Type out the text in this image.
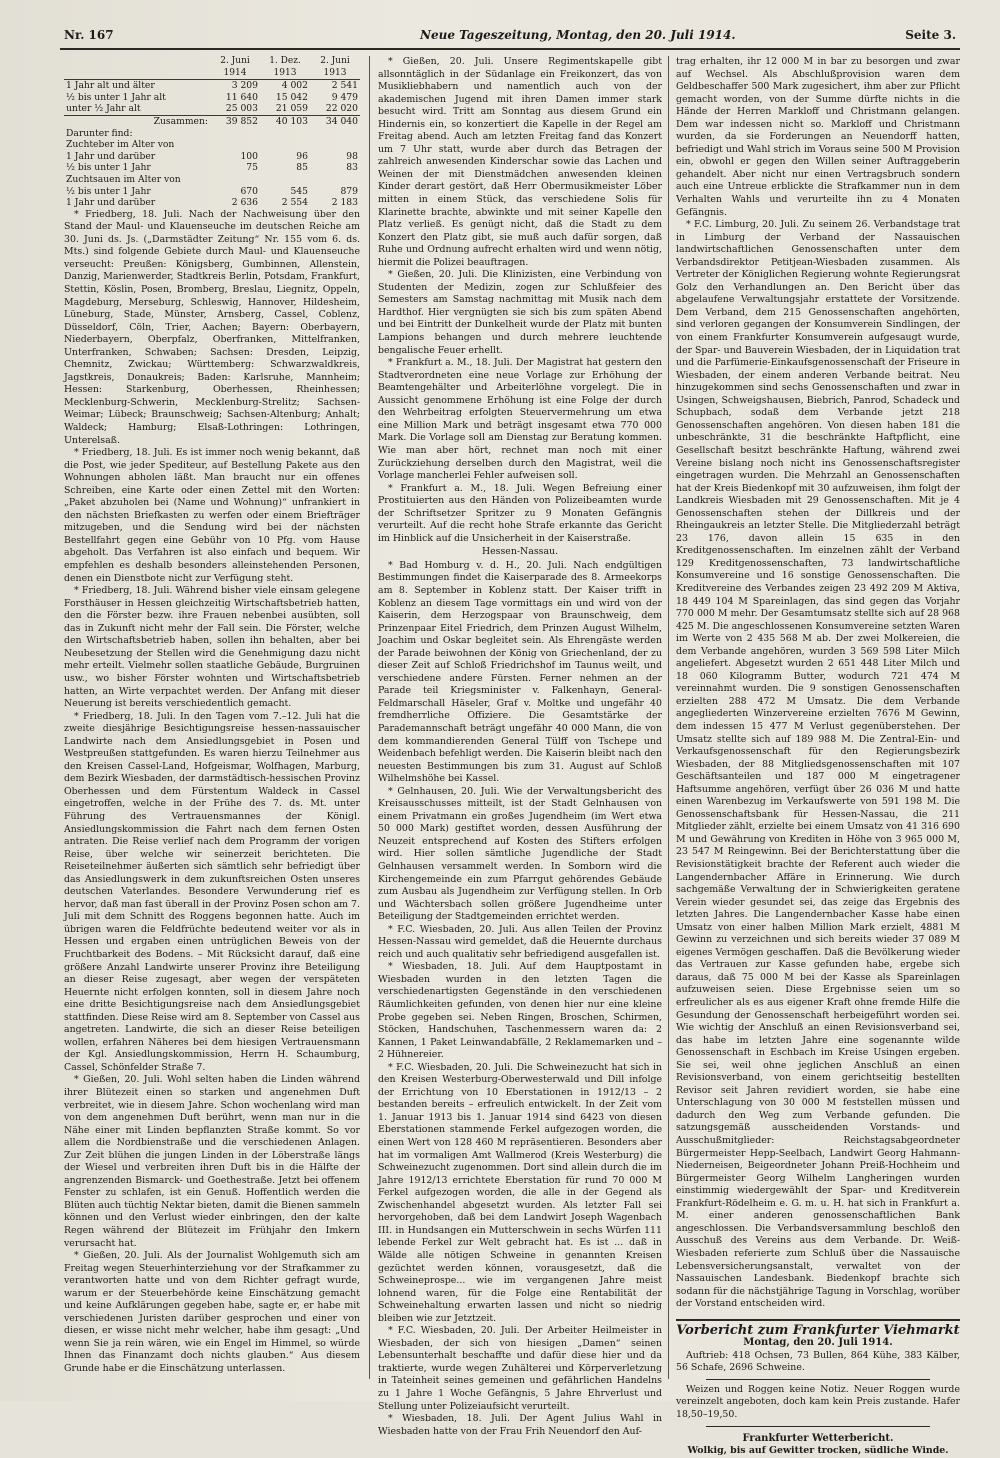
Nr. 167	Neue Tageszeitung, Montag, den 20. Juli 1914.	Seite 3.
	2. Juni 1914	1. Dez. 1913	2. Juni 1913
1 Jahr alt und älter	3 209	4 002	2 541
½ bis unter 1 Jahr alt	11 640	15 042	9 479
unter ½ Jahr alt	25 003	21 059	22 020
Zusammen:	39 852	40 103	34 040
Darunter find:			
Zuchteber im Alter von			
1 Jahr und darüber	100	96	98
½ bis unter 1 Jahr	75	85	83
Zuchtsauen im Alter von			
½ bis unter 1 Jahr	670	545	879
1 Jahr und darüber	2 636	2 554	2 183

* Friedberg, 18. Juli. Nach der Nachweisung über den Stand der Maul- und Klauenseuche im deutschen Reiche am 30. Juni ds. Js. („Darmstädter Zeitung“ Nr. 155 vom 6. ds. Mts.) sind folgende Gebiete durch Maul- und Klauenseuche verseucht: Preußen: Königsberg, Gumbinnen, Allenstein, Danzig, Marienwerder, Stadtkreis Berlin, Potsdam, Frankfurt, Stettin, Köslin, Posen, Bromberg, Breslau, Liegnitz, Oppeln, Magdeburg, Merseburg, Schleswig, Hannover, Hildesheim, Lüneburg, Stade, Münster, Arnsberg, Cassel, Coblenz, Düsseldorf, Cöln, Trier, Aachen; Bayern: Oberbayern, Niederbayern, Oberpfalz, Oberfranken, Mittelfranken, Unterfranken, Schwaben; Sachsen: Dresden, Leipzig, Chemnitz, Zwickau; Württemberg: Schwarzwaldkreis, Jagstkreis, Donaukreis; Baden: Karlsruhe, Mannheim; Hessen: Starkenburg, Oberhessen, Rheinhessen; Mecklenburg-Schwerin, Mecklenburg-Strelitz; Sachsen-Weimar; Lübeck; Braunschweig; Sachsen-Altenburg; Anhalt; Waldeck; Hamburg; Elsaß-Lothringen: Lothringen, Unterelsaß.

* Friedberg, 18. Juli. Es ist immer noch wenig bekannt, daß die Post, wie jeder Spediteur, auf Bestellung Pakete aus den Wohnungen abholen läßt. Man braucht nur ein offenes Schreiben, eine Karte oder einen Zettel mit den Worten: „Paket abzuholen bei (Name und Wohnung)“ unfrankiert in den nächsten Briefkasten zu werfen oder einem Briefträger mitzugeben, und die Sendung wird bei der nächsten Bestellfahrt gegen eine Gebühr von 10 Pfg. vom Hause abgeholt. Das Verfahren ist also einfach und bequem. Wir empfehlen es deshalb besonders alleinstehenden Personen, denen ein Dienstbote nicht zur Verfügung steht.

* Friedberg, 18. Juli. Während bisher viele einsam gelegene Forsthäuser in Hessen gleichzeitig Wirtschaftsbetrieb hatten, den die Förster bezw. ihre Frauen nebenbei ausübten, soll das in Zukunft nicht mehr der Fall sein. Die Förster, welche den Wirtschaftsbetrieb haben, sollen ihn behalten, aber bei Neubesetzung der Stellen wird die Genehmigung dazu nicht mehr erteilt. Vielmehr sollen staatliche Gebäude, Burgruinen usw., wo bisher Förster wohnten und Wirtschaftsbetrieb hatten, an Wirte verpachtet werden. Der Anfang mit dieser Neuerung ist bereits verschiedentlich gemacht.

* Friedberg, 18. Juli. In den Tagen vom 7.–12. Juli hat die zweite diesjährige Besichtigungsreise hessen-nassauischer Landwirte nach dem Ansiedlungsgebiet in Posen und Westpreußen stattgefunden. Es waren hierzu Teilnehmer aus den Kreisen Cassel-Land, Hofgeismar, Wolfhagen, Marburg, dem Bezirk Wiesbaden, der darmstädtisch-hessischen Provinz Oberhessen und dem Fürstentum Waldeck in Cassel eingetroffen, welche in der Frühe des 7. ds. Mt. unter Führung des Vertrauensmannes der Königl. Ansiedlungskommission die Fahrt nach dem fernen Osten antraten. Die Reise verlief nach dem Programm der vorigen Reise, über welche wir seinerzeit berichteten. Die Reiseteilnehmer äußerten sich sämtlich sehr befriedigt über das Ansiedlungswerk in dem zukunftsreichen Osten unseres deutschen Vaterlandes. Besondere Verwunderung rief es hervor, daß man fast überall in der Provinz Posen schon am 7. Juli mit dem Schnitt des Roggens begonnen hatte. Auch im übrigen waren die Feldfrüchte bedeutend weiter vor als in Hessen und ergaben einen untrüglichen Beweis von der Fruchtbarkeit des Bodens. – Mit Rücksicht darauf, daß eine größere Anzahl Landwirte unserer Provinz ihre Beteiligung an dieser Reise zugesagt, aber wegen der verspäteten Heuernte nicht erfolgen konnten, soll in diesem Jahre noch eine dritte Besichtigungsreise nach dem Ansiedlungsgebiet stattfinden. Diese Reise wird am 8. September von Cassel aus angetreten. Landwirte, die sich an dieser Reise beteiligen wollen, erfahren Näheres bei dem hiesigen Vertrauensmann der Kgl. Ansiedlungskommission, Herrn H. Schaumburg, Cassel, Schönfelder Straße 7.

* Gießen, 20. Juli. Wohl selten haben die Linden während ihrer Blütezeit einen so starken und angenehmen Duft verbreitet, wie in diesem Jahre. Schon wochenlang wird man von dem angenehmen Duft berührt, wenn man nur in die Nähe einer mit Linden bepflanzten Straße kommt. So vor allem die Nordbienstraße und die verschiedenen Anlagen. Zur Zeit blühen die jungen Linden in der Löberstraße längs der Wiesel und verbreiten ihren Duft bis in die Hälfte der angrenzenden Bismarck- und Goethestraße. Jetzt bei offenem Fenster zu schlafen, ist ein Genuß. Hoffentlich werden die Blüten auch tüchtig Nektar bieten, damit die Bienen sammeln können und den Verlust wieder einbringen, den der kalte Regen während der Blütezeit im Frühjahr den Imkern verursacht hat.

* Gießen, 20. Juli. Als der Journalist Wohlgemuth sich am Freitag wegen Steuerhinterziehung vor der Strafkammer zu verantworten hatte und von dem Richter gefragt wurde, warum er der Steuerbehörde keine Einschätzung gemacht und keine Aufklärungen gegeben habe, sagte er, er habe mit verschiedenen Juristen darüber gesprochen und einer von diesen, er wisse nicht mehr welcher, habe ihm gesagt: „Und wenn Sie ja rein wären, wie ein Engel im Himmel, so würde Ihnen das Finanzamt doch nichts glauben.“ Aus diesem Grunde habe er die Einschätzung unterlassen.

* Gießen, 20. Juli. Unsere Regimentskapelle gibt allsonntäglich in der Südanlage ein Freikonzert, das von Musikliebhabern und namentlich auch von der akademischen Jugend mit ihren Damen immer stark besucht wird. Tritt am Sonntag aus diesem Grund ein Hindernis ein, so konzertiert die Kapelle in der Regel am Freitag abend. Auch am letzten Freitag fand das Konzert um 7 Uhr statt, wurde aber durch das Betragen der zahlreich anwesenden Kinderschar sowie das Lachen und Weinen der mit Dienstmädchen anwesenden kleinen Kinder derart gestört, daß Herr Obermusikmeister Löber mitten in einem Stück, das verschiedene Solis für Klarinette brachte, abwinkte und mit seiner Kapelle den Platz verließ. Es genügt nicht, daß die Stadt zu dem Konzert den Platz gibt, sie muß auch dafür sorgen, daß Ruhe und Ordnung aufrecht erhalten wird und wenn nötig, hiermit die Polizei beauftragen.

* Gießen, 20. Juli. Die Klinizisten, eine Verbindung von Studenten der Medizin, zogen zur Schlußfeier des Semesters am Samstag nachmittag mit Musik nach dem Hardthof. Hier vergnügten sie sich bis zum späten Abend und bei Eintritt der Dunkelheit wurde der Platz mit bunten Lampions behangen und durch mehrere leuchtende bengalische Feuer erhellt.

* Frankfurt a. M., 18. Juli. Der Magistrat hat gestern den Stadtverordneten eine neue Vorlage zur Erhöhung der Beamtengehälter und Arbeiterlöhne vorgelegt. Die in Aussicht genommene Erhöhung ist eine Folge der durch den Wehrbeitrag erfolgten Steuervermehrung um etwa eine Million Mark und beträgt insgesamt etwa 770 000 Mark. Die Vorlage soll am Dienstag zur Beratung kommen. Wie man aber hört, rechnet man noch mit einer Zurückziehung derselben durch den Magistrat, weil die Vorlage mancherlei Fehler aufweisen soll.

* Frankfurt a. M., 18. Juli. Wegen Befreiung einer Prostituierten aus den Händen von Polizeibeamten wurde der Schriftsetzer Spritzer zu 9 Monaten Gefängnis verurteilt. Auf die recht hohe Strafe erkannte das Gericht im Hinblick auf die Unsicherheit in der Kaiserstraße.

Hessen-Nassau.

* Bad Homburg v. d. H., 20. Juli. Nach endgültigen Bestimmungen findet die Kaiserparade des 8. Armeekorps am 8. September in Koblenz statt. Der Kaiser trifft in Koblenz an diesem Tage vormittags ein und wird von der Kaiserin, dem Herzogspaar von Braunschweig, dem Prinzenpaar Eitel Friedrich, dem Prinzen August Wilhelm, Joachim und Oskar begleitet sein. Als Ehrengäste werden der Parade beiwohnen der König von Griechenland, der zu dieser Zeit auf Schloß Friedrichshof im Taunus weilt, und verschiedene andere Fürsten. Ferner nehmen an der Parade teil Kriegsminister v. Falkenhayn, General-Feldmarschall Häseler, Graf v. Moltke und ungefähr 40 fremdherrliche Offiziere. Die Gesamtstärke der Parademannschaft beträgt ungefähr 40 000 Mann, die von dem kommandierenden General Tülff von Tschepe und Weidenbach befehligt werden. Die Kaiserin bleibt nach den neuesten Bestimmungen bis zum 31. August auf Schloß Wilhelmshöhe bei Kassel.

* Gelnhausen, 20. Juli. Wie der Verwaltungsbericht des Kreisausschusses mitteilt, ist der Stadt Gelnhausen von einem Privatmann ein großes Jugendheim (im Wert etwa 50 000 Mark) gestiftet worden, dessen Ausführung der Neuzeit entsprechend auf Kosten des Stifters erfolgen wird. Hier sollen sämtliche Jugendliche der Stadt Gelnhausen versammelt werden. In Somborn wird die Kirchengemeinde ein zum Pfarrgut gehörendes Gebäude zum Ausbau als Jugendheim zur Verfügung stellen. In Orb und Wächtersbach sollen größere Jugendheime unter Beteiligung der Stadtgemeinden errichtet werden.

* F.C. Wiesbaden, 20. Juli. Aus allen Teilen der Provinz Hessen-Nassau wird gemeldet, daß die Heuernte durchaus reich und auch qualitativ sehr befriedigend ausgefallen ist.

* Wiesbaden, 18. Juli. Auf dem Hauptpostamt in Wiesbaden wurden in den letzten Tagen die verschiedenartigsten Gegenstände in den verschiedenen Räumlichkeiten gefunden, von denen hier nur eine kleine Probe gegeben sei. Neben Ringen, Broschen, Schirmen, Stöcken, Handschuhen, Taschenmessern waren da: 2 Kannen, 1 Paket Leinwandabfälle, 2 Reklamemarken und – 2 Hühnereier.

* F.C. Wiesbaden, 20. Juli. Die Schweinezucht hat sich in den Kreisen Westerburg-Oberwesterwald und Dill infolge der Errichtung von 10 Eberstationen in 1912/13 – 2 bestanden bereits – erfreulich entwickelt. In der Zeit vom 1. Januar 1913 bis 1. Januar 1914 sind 6423 von diesen Eberstationen stammende Ferkel aufgezogen worden, die einen Wert von 128 460 M repräsentieren. Besonders aber hat im vormaligen Amt Wallmerod (Kreis Westerburg) die Schweinezucht zugenommen. Dort sind allein durch die im Jahre 1912/13 errichtete Eberstation für rund 70 000 M Ferkel aufgezogen worden, die alle in der Gegend als Zwischenhandel abgesetzt wurden. Als letzter Fall sei hervorgehoben, daß bei dem Landwirt Joseph Wagenbach III. in Hundsangen ein Mutterschwein in sechs Würfen 111 lebende Ferkel zur Welt gebracht hat. Es ist ... daß in Wälde alle nötigen Schweine in genannten Kreisen gezüchtet werden können, vorausgesetzt, daß die Schweineprospe... wie im vergangenen Jahre meist lohnend waren, für die Folge eine Rentabilität der Schweinehaltung erwarten lassen und nicht so niedrig bleiben wie zur Jetztzeit.

* F.C. Wiesbaden, 20. Juli. Der Arbeiter Heilmeister in Wiesbaden, der sich von hiesigen „Damen“ seinen Lebensunterhalt beschaffte und dafür diese hier und da traktierte, wurde wegen Zuhälterei und Körperverletzung in Tateinheit seines gemeinen und gefährlichen Handelns zu 1 Jahre 1 Woche Gefängnis, 5 Jahre Ehrverlust und Stellung unter Polizeiaufsicht verurteilt.

* Wiesbaden, 18. Juli. Der Agent Julius Wahl in Wiesbaden hatte von der Frau Frih Neuendorf den Auf-

trag erhalten, ihr 12 000 M in bar zu besorgen und zwar auf Wechsel. Als Abschlußprovision waren dem Geldbeschaffer 500 Mark zugesichert, ihm aber zur Pflicht gemacht worden, von der Summe dürfte nichts in die Hände der Herren Markloff und Christmann gelangen. Dem war indessen nicht so. Markloff und Christmann wurden, da sie Forderungen an Neuendorff hatten, befriedigt und Wahl strich im Voraus seine 500 M Provision ein, obwohl er gegen den Willen seiner Auftraggeberin gehandelt. Aber nicht nur einen Vertragsbruch sondern auch eine Untreue erblickte die Strafkammer nun in dem Verhalten Wahls und verurteilte ihn zu 4 Monaten Gefängnis.

* F.C. Limburg, 20. Juli. Zu seinem 26. Verbandstage trat in Limburg der Verband der Nassauischen landwirtschaftlichen Genossenschaften unter dem Verbandsdirektor Petitjean-Wiesbaden zusammen. Als Vertreter der Königlichen Regierung wohnte Regierungsrat Golz den Verhandlungen an. Den Bericht über das abgelaufene Verwaltungsjahr erstattete der Vorsitzende. Dem Verband, dem 215 Genossenschaften angehörten, sind verloren gegangen der Konsumverein Sindlingen, der von einem Frankfurter Konsumverein aufgesaugt wurde, der Spar- und Bauverein Wiesbaden, der in Liquidation trat und die Parfümerie-Einkaufsgenossenschaft der Friseure in Wiesbaden, der einem anderen Verbande beitrat. Neu hinzugekommen sind sechs Genossenschaften und zwar in Usingen, Schweigshausen, Biebrich, Panrod, Schadeck und Schupbach, sodaß dem Verbande jetzt 218 Genossenschaften angehören. Von diesen haben 181 die unbeschränkte, 31 die beschränkte Haftpflicht, eine Gesellschaft besitzt beschränkte Haftung, während zwei Vereine bislang noch nicht ins Genossenschaftsregister eingetragen wurden. Die Mehrzahl an Genossenschaften hat der Kreis Biedenkopf mit 30 aufzuweisen, ihm folgt der Landkreis Wiesbaden mit 29 Genossenschaften. Mit je 4 Genossenschaften stehen der Dillkreis und der Rheingaukreis an letzter Stelle. Die Mitgliederzahl beträgt 23 176, davon allein 15 635 in den Kreditgenossenschaften. Im einzelnen zählt der Verband 129 Kreditgenossenschaften, 73 landwirtschaftliche Konsumvereine und 16 sonstige Genossenschaften. Die Kreditvereine des Verbandes zeigen 23 492 209 M Aktiva, 18 449 104 M Spareinlagen, das sind gegen das Vorjahr 770 000 M mehr. Der Gesamtumsatz stellte sich auf 28 968 425 M. Die angeschlossenen Konsumvereine setzten Waren im Werte von 2 435 568 M ab. Der zwei Molkereien, die dem Verbande angehören, wurden 3 569 598 Liter Milch angeliefert. Abgesetzt wurden 2 651 448 Liter Milch und 18 060 Kilogramm Butter, wodurch 721 474 M vereinnahmt wurden. Die 9 sonstigen Genossenschaften erzielten 288 472 M Umsatz. Die dem Verbande angegliederten Winzervereine erzielten 7676 M Gewinn, dem indessen 15 477 M Verlust gegenüberstehen. Der Umsatz stellte sich auf 189 988 M. Die Zentral-Ein- und Verkaufsgenossenschaft für den Regierungsbezirk Wiesbaden, der 88 Mitgliedsgenossenschaften mit 107 Geschäftsanteilen und 187 000 M eingetragener Haftsumme angehören, verfügt über 26 036 M und hatte einen Warenbezug im Verkaufswerte von 591 198 M. Die Genossenschaftsbank für Hessen-Nassau, die 211 Mitglieder zählt, erzielte bei einem Umsatz von 41 316 690 M und Gewährung von Krediten in Höhe von 3 965 000 M, 23 547 M Reingewinn. Bei der Berichterstattung über die Revisionstätigkeit brachte der Referent auch wieder die Langendernbacher Affäre in Erinnerung. Wie durch sachgemäße Verwaltung der in Schwierigkeiten geratene Verein wieder gesundet sei, das zeige das Ergebnis des letzten Jahres. Die Langendernbacher Kasse habe einen Umsatz von einer halben Million Mark erzielt, 4881 M Gewinn zu verzeichnen und sich bereits wieder 37 089 M eigenes Vermögen geschaffen. Daß die Bevölkerung wieder das Vertrauen zur Kasse gefunden habe, ergebe sich daraus, daß 75 000 M bei der Kasse als Spareinlagen aufzuweisen seien. Diese Ergebnisse seien um so erfreulicher als es aus eigener Kraft ohne fremde Hilfe die Gesundung der Genossenschaft herbeigeführt worden sei. Wie wichtig der Anschluß an einen Revisionsverband sei, das habe im letzten Jahre eine sogenannte wilde Genossenschaft in Eschbach im Kreise Usingen ergeben. Sie sei, weil ohne jeglichen Anschluß an einen Revisionsverband, von einem gerichtseitig bestellten Revisor seit Jahren revidiert worden, sie habe eine Unterschlagung von 30 000 M feststellen müssen und dadurch den Weg zum Verbande gefunden. Die satzungsgemäß ausscheidenden Vorstands- und Ausschußmitglieder: Reichstagsabgeordneter Bürgermeister Hepp-Seelbach, Landwirt Georg Hahmann-Niederneisen, Beigeordneter Johann Preiß-Hochheim und Bürgermeister Georg Wilhelm Langheringen wurden einstimmig wiedergewählt der Spar- und Kreditverein Frankfurt-Rödelheim e. G. m. u. H. hat sich in Frankfurt a. M. einer anderen genossenschaftlichen Bank angeschlossen. Die Verbandsversammlung beschloß den Ausschuß des Vereins aus dem Verbande. Dr. Weiß-Wiesbaden referierte zum Schluß über die Nassauische Lebensversicherungsanstalt, verwaltet von der Nassauischen Landesbank. Biedenkopf brachte sich sodann für die nächstjährige Tagung in Vorschlag, worüber der Vorstand entscheiden wird.

Vorbericht zum Frankfurter Viehmarkt
Montag, den 20. Juli 1914.

Auftrieb: 418 Ochsen, 73 Bullen, 864 Kühe, 383 Kälber, 56 Schafe, 2696 Schweine.

Weizen und Roggen keine Notiz. Neuer Roggen wurde vereinzelt angeboten, doch kam kein Preis zustande. Hafer 18,50–19,50.

Frankfurter Wetterbericht.
Wolkig, bis auf Gewitter trocken, südliche Winde.
